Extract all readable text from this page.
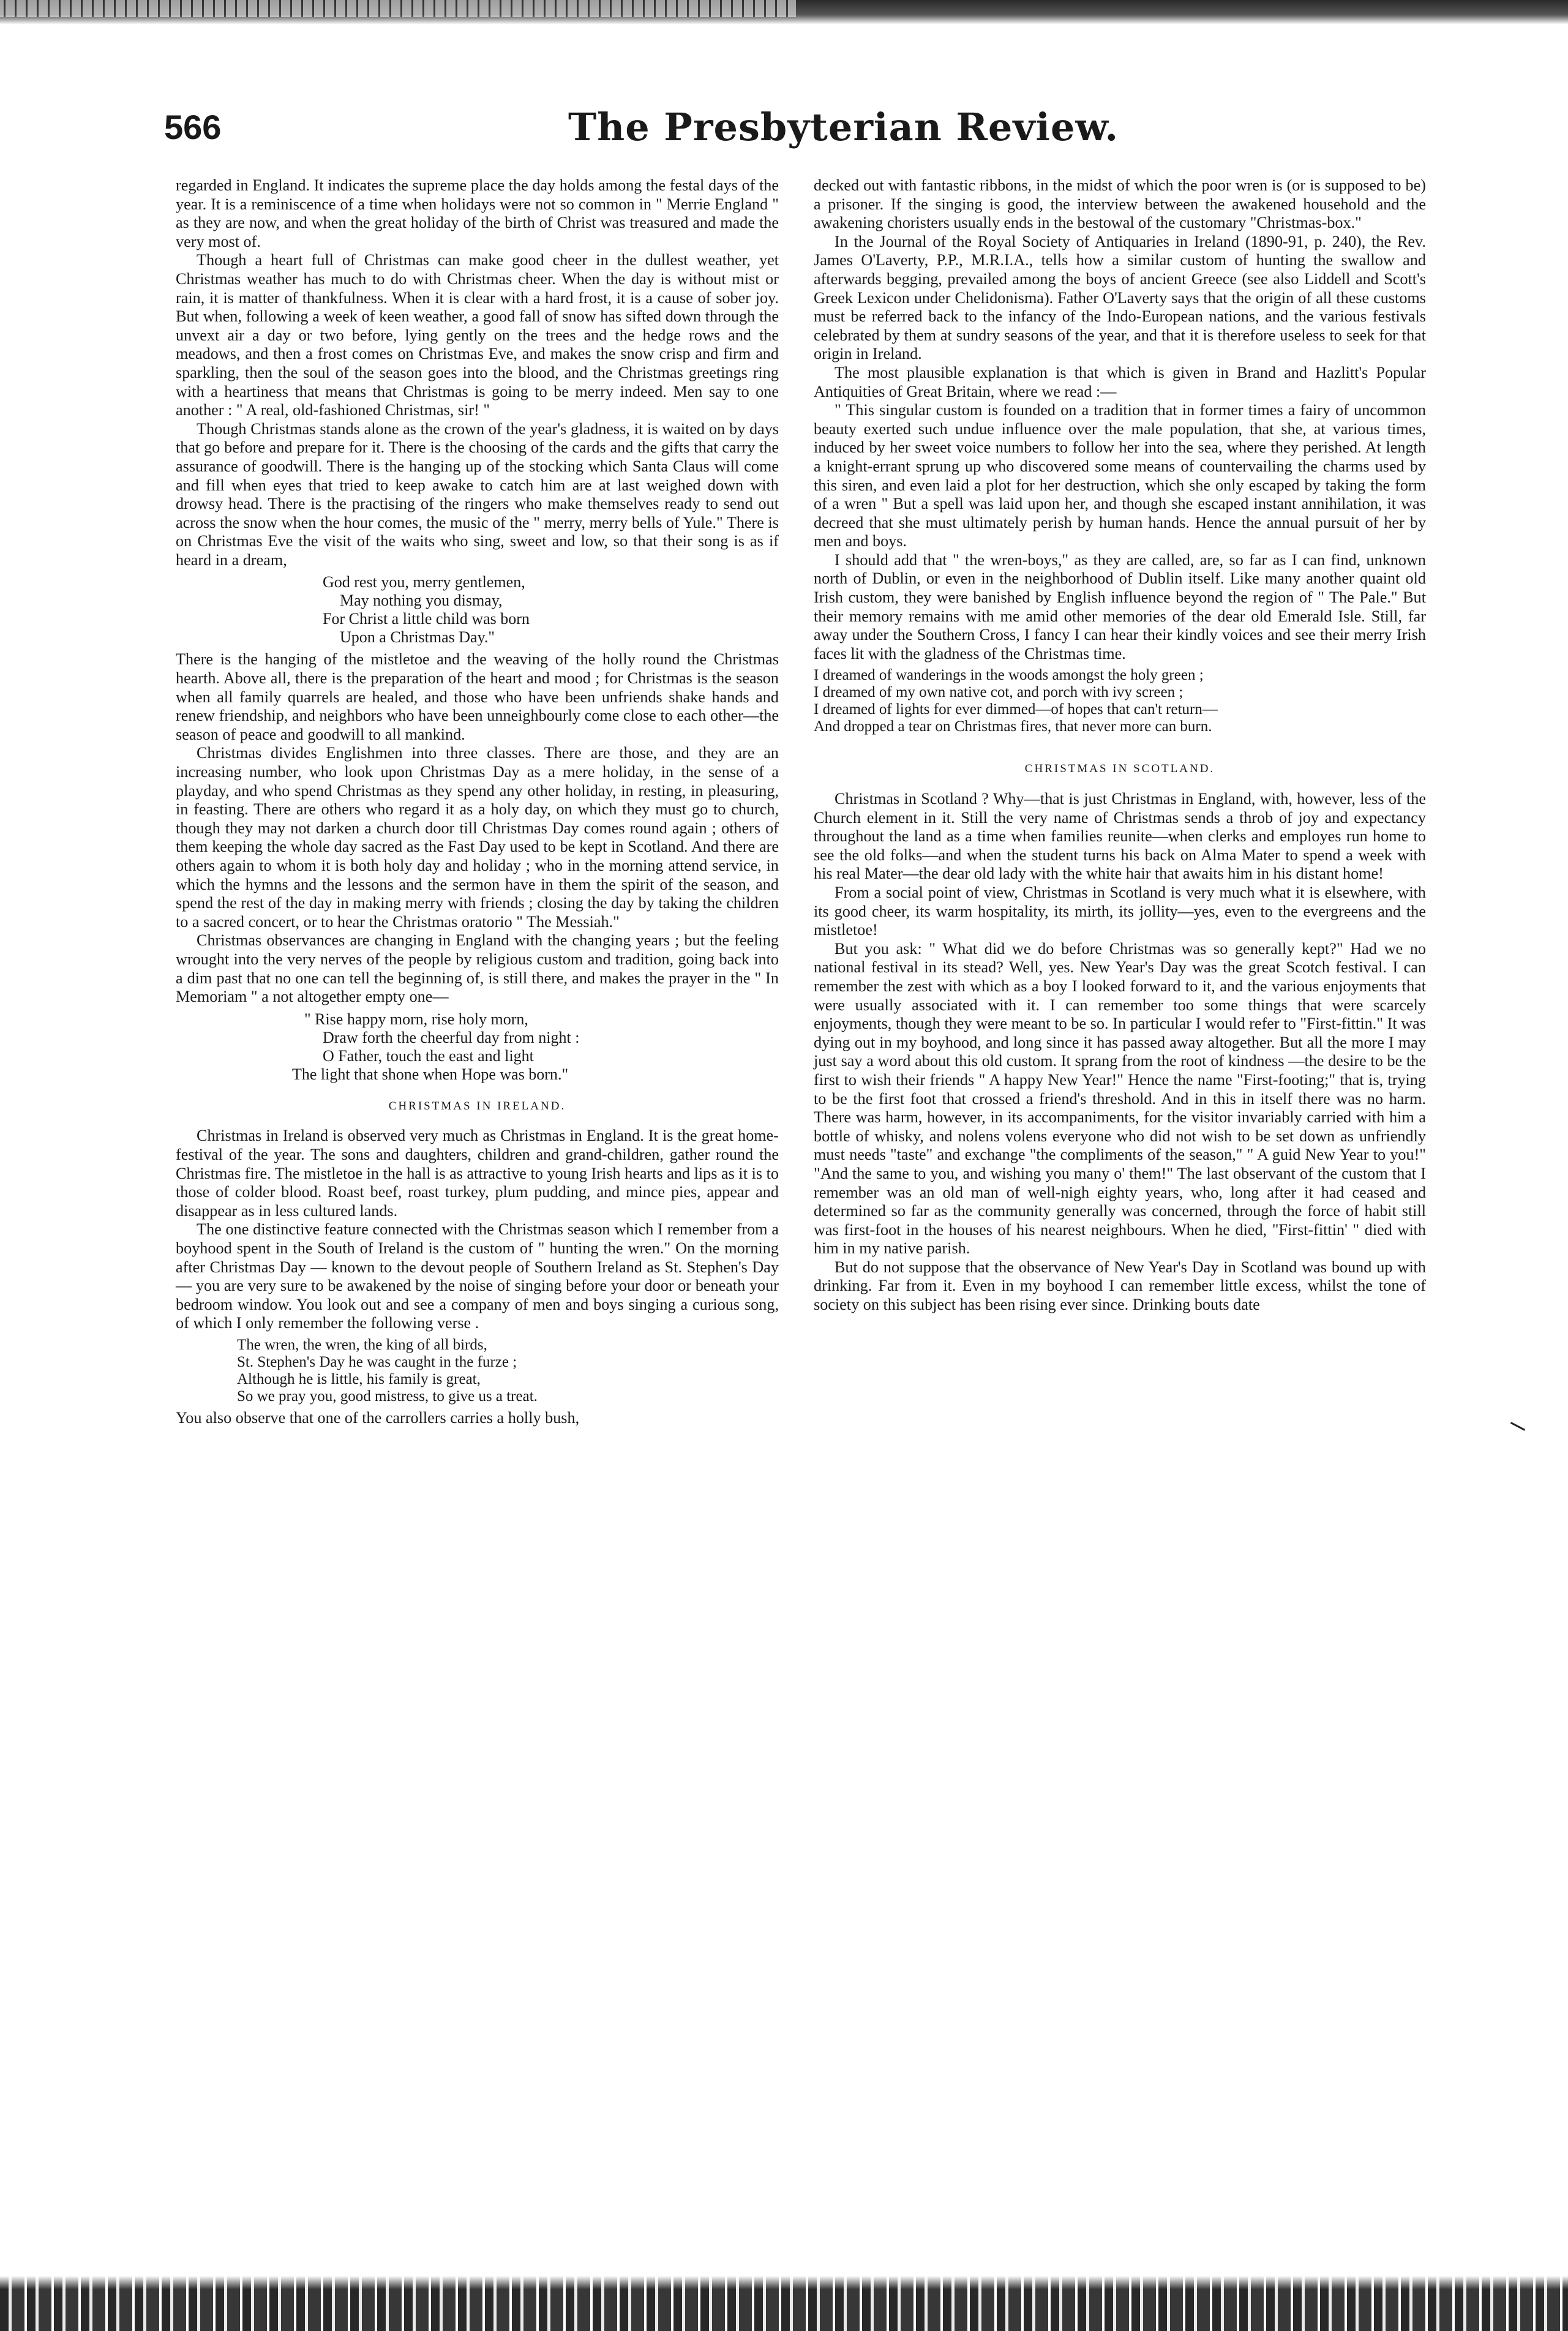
566	The Presbyterian Review.

regarded in England. It indicates the supreme place the day holds among the festal days of the year. It is a reminiscence of a time when holidays were not so common in " Merrie England " as they are now, and when the great holiday of the birth of Christ was treasured and made the very most of.

Though a heart full of Christmas can make good cheer in the dullest weather, yet Christmas weather has much to do with Christmas cheer. When the day is without mist or rain, it is matter of thankfulness. When it is clear with a hard frost, it is a cause of sober joy. But when, following a week of keen weather, a good fall of snow has sifted down through the unvext air a day or two before, lying gently on the trees and the hedge rows and the meadows, and then a frost comes on Christmas Eve, and makes the snow crisp and firm and sparkling, then the soul of the season goes into the blood, and the Christmas greetings ring with a heartiness that means that Christmas is going to be merry indeed. Men say to one another : " A real, old-fashioned Christmas, sir! "

Though Christmas stands alone as the crown of the year's gladness, it is waited on by days that go before and prepare for it. There is the choosing of the cards and the gifts that carry the assurance of goodwill. There is the hanging up of the stocking which Santa Claus will come and fill when eyes that tried to keep awake to catch him are at last weighed down with drowsy head. There is the practising of the ringers who make themselves ready to send out across the snow when the hour comes, the music of the " merry, merry bells of Yule." There is on Christmas Eve the visit of the waits who sing, sweet and low, so that their song is as if heard in a dream,

God rest you, merry gentlemen,
May nothing you dismay,
For Christ a little child was born
Upon a Christmas Day."

There is the hanging of the mistletoe and the weaving of the holly round the Christmas hearth. Above all, there is the preparation of the heart and mood ; for Christmas is the season when all family quarrels are healed, and those who have been unfriends shake hands and renew friendship, and neighbors who have been unneighbourly come close to each other—the season of peace and goodwill to all mankind.

Christmas divides Englishmen into three classes. There are those, and they are an increasing number, who look upon Christmas Day as a mere holiday, in the sense of a playday, and who spend Christmas as they spend any other holiday, in resting, in pleasuring, in feasting. There are others who regard it as a holy day, on which they must go to church, though they may not darken a church door till Christmas Day comes round again ; others of them keeping the whole day sacred as the Fast Day used to be kept in Scotland. And there are others again to whom it is both holy day and holiday ; who in the morning attend service, in which the hymns and the lessons and the sermon have in them the spirit of the season, and spend the rest of the day in making merry with friends ; closing the day by taking the children to a sacred concert, or to hear the Christmas oratorio " The Messiah."

Christmas observances are changing in England with the changing years ; but the feeling wrought into the very nerves of the people by religious custom and tradition, going back into a dim past that no one can tell the beginning of, is still there, and makes the prayer in the " In Memoriam " a not altogether empty one—

" Rise happy morn, rise holy morn,
Draw forth the cheerful day from night :
O Father, touch the east and light
The light that shone when Hope was born."
CHRISTMAS IN IRELAND.

Christmas in Ireland is observed very much as Christmas in England. It is the great home-festival of the year. The sons and daughters, children and grand-children, gather round the Christmas fire. The mistletoe in the hall is as attractive to young Irish hearts and lips as it is to those of colder blood. Roast beef, roast turkey, plum pudding, and mince pies, appear and disappear as in less cultured lands.

The one distinctive feature connected with the Christmas season which I remember from a boyhood spent in the South of Ireland is the custom of " hunting the wren." On the morning after Christmas Day — known to the devout people of Southern Ireland as St. Stephen's Day — you are very sure to be awakened by the noise of singing before your door or beneath your bedroom window. You look out and see a company of men and boys singing a curious song, of which I only remember the following verse .

The wren, the wren, the king of all birds,
St. Stephen's Day he was caught in the furze ;
Although he is little, his family is great,
So we pray you, good mistress, to give us a treat.

You also observe that one of the carrollers carries a holly bush,

decked out with fantastic ribbons, in the midst of which the poor wren is (or is supposed to be) a prisoner. If the singing is good, the interview between the awakened household and the awakening choristers usually ends in the bestowal of the customary "Christmas-box."

In the Journal of the Royal Society of Antiquaries in Ireland (1890-91, p. 240), the Rev. James O'Laverty, P.P., M.R.I.A., tells how a similar custom of hunting the swallow and afterwards begging, prevailed among the boys of ancient Greece (see also Liddell and Scott's Greek Lexicon under Chelidonisma). Father O'Laverty says that the origin of all these customs must be referred back to the infancy of the Indo-European nations, and the various festivals celebrated by them at sundry seasons of the year, and that it is therefore useless to seek for that origin in Ireland.

The most plausible explanation is that which is given in Brand and Hazlitt's Popular Antiquities of Great Britain, where we read :—

" This singular custom is founded on a tradition that in former times a fairy of uncommon beauty exerted such undue influence over the male population, that she, at various times, induced by her sweet voice numbers to follow her into the sea, where they perished. At length a knight-errant sprung up who discovered some means of countervailing the charms used by this siren, and even laid a plot for her destruction, which she only escaped by taking the form of a wren " But a spell was laid upon her, and though she escaped instant annihilation, it was decreed that she must ultimately perish by human hands. Hence the annual pursuit of her by men and boys.

I should add that " the wren-boys," as they are called, are, so far as I can find, unknown north of Dublin, or even in the neighborhood of Dublin itself. Like many another quaint old Irish custom, they were banished by English influence beyond the region of " The Pale." But their memory remains with me amid other memories of the dear old Emerald Isle. Still, far away under the Southern Cross, I fancy I can hear their kindly voices and see their merry Irish faces lit with the gladness of the Christmas time.

I dreamed of wanderings in the woods amongst the holy green ;
I dreamed of my own native cot, and porch with ivy screen ;
I dreamed of lights for ever dimmed—of hopes that can't return—
And dropped a tear on Christmas fires, that never more can burn.
CHRISTMAS IN SCOTLAND.

Christmas in Scotland ? Why—that is just Christmas in England, with, however, less of the Church element in it. Still the very name of Christmas sends a throb of joy and expectancy throughout the land as a time when families reunite—when clerks and employes run home to see the old folks—and when the student turns his back on Alma Mater to spend a week with his real Mater—the dear old lady with the white hair that awaits him in his distant home!

From a social point of view, Christmas in Scotland is very much what it is elsewhere, with its good cheer, its warm hospitality, its mirth, its jollity—yes, even to the evergreens and the mistletoe!

But you ask: " What did we do before Christmas was so generally kept?" Had we no national festival in its stead? Well, yes. New Year's Day was the great Scotch festival. I can remember the zest with which as a boy I looked forward to it, and the various enjoyments that were usually associated with it. I can remember too some things that were scarcely enjoyments, though they were meant to be so. In particular I would refer to "First-fittin." It was dying out in my boyhood, and long since it has passed away altogether. But all the more I may just say a word about this old custom. It sprang from the root of kindness —the desire to be the first to wish their friends " A happy New Year!" Hence the name "First-footing;" that is, trying to be the first foot that crossed a friend's threshold. And in this in itself there was no harm. There was harm, however, in its accompaniments, for the visitor invariably carried with him a bottle of whisky, and nolens volens everyone who did not wish to be set down as unfriendly must needs "taste" and exchange "the compliments of the season," " A guid New Year to you!" "And the same to you, and wishing you many o' them!" The last observant of the custom that I remember was an old man of well-nigh eighty years, who, long after it had ceased and determined so far as the community generally was concerned, through the force of habit still was first-foot in the houses of his nearest neighbours. When he died, "First-fittin' " died with him in my native parish.

But do not suppose that the observance of New Year's Day in Scotland was bound up with drinking. Far from it. Even in my boyhood I can remember little excess, whilst the tone of society on this subject has been rising ever since. Drinking bouts date
